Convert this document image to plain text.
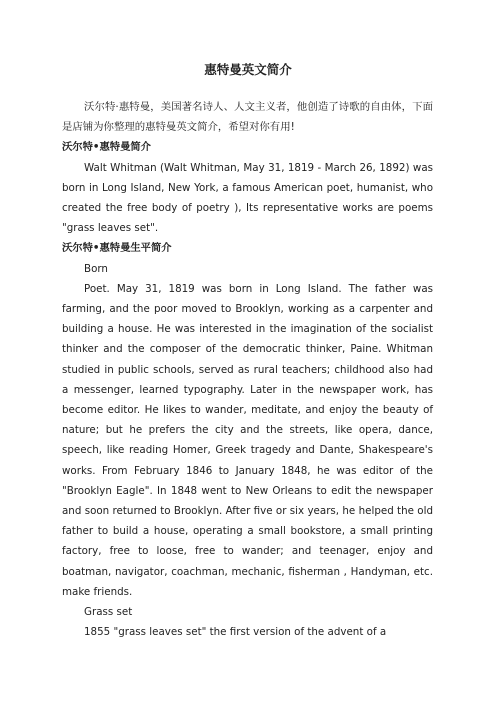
惠特曼英文简介

沃尔特·惠特曼，美国著名诗人、人文主义者，他创造了诗歌的自由体，下面是店铺为你整理的惠特曼英文简介，希望对你有用!

沃尔特•惠特曼简介

Walt Whitman (Walt Whitman, May 31, 1819 - March 26, 1892) was born in Long Island, New York, a famous American poet, humanist, who created the free body of poetry ), Its representative works are poems "grass leaves set".

沃尔特•惠特曼生平简介

Born

Poet. May 31, 1819 was born in Long Island. The father was farming, and the poor moved to Brooklyn, working as a carpenter and building a house. He was interested in the imagination of the socialist thinker and the composer of the democratic thinker, Paine. Whitman studied in public schools, served as rural teachers; childhood also had a messenger, learned typography. Later in the newspaper work, has become editor. He likes to wander, meditate, and enjoy the beauty of nature; but he prefers the city and the streets, like opera, dance, speech, like reading Homer, Greek tragedy and Dante, Shakespeare's works. From February 1846 to January 1848, he was editor of the "Brooklyn Eagle". In 1848 went to New Orleans to edit the newspaper and soon returned to Brooklyn. After five or six years, he helped the old father to build a house, operating a small bookstore, a small printing factory, free to loose, free to wander; and teenager, enjoy and boatman, navigator, coachman, mechanic, fisherman , Handyman, etc. make friends.

Grass set

1855 "grass leaves set" the first version of the advent of a
